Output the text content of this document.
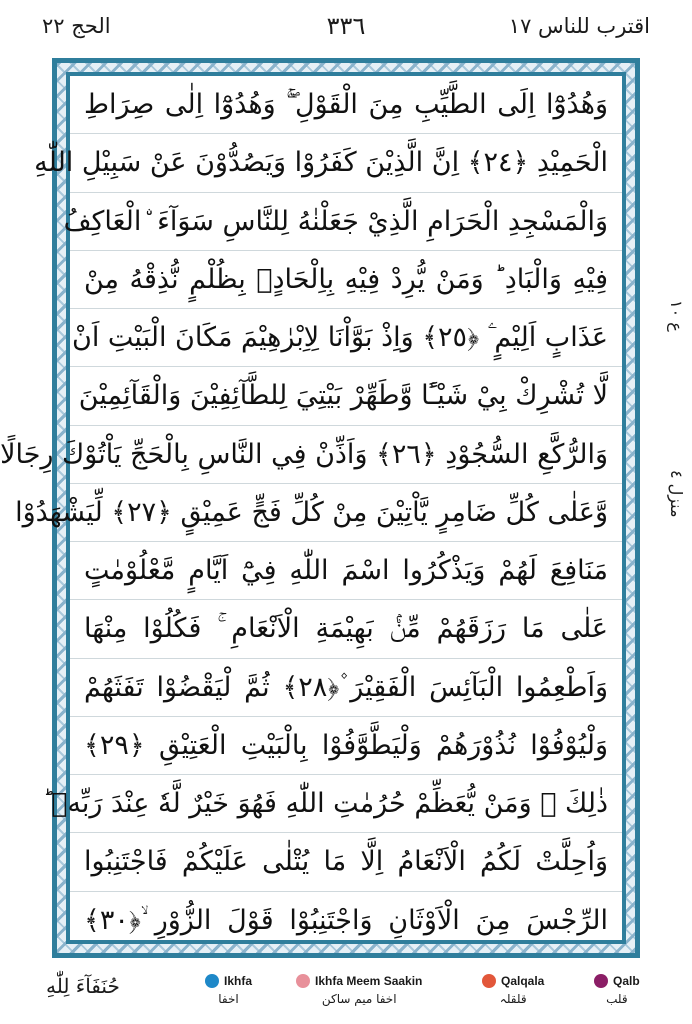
الحج ٢٢	٣٣٦	اقترب للناس ١٧
وَهُدُوْٓا اِلَى الطَّيِّبِ مِنَ الْقَوْلِ ۚۖ وَهُدُوْٓا اِلٰى صِرَاطِ
الْحَمِيْدِ ﴿٢٤﴾ اِنَّ الَّذِيْنَ كَفَرُوْا وَيَصُدُّوْنَ عَنْ سَبِيْلِ اللّٰهِ
وَالْمَسْجِدِ الْحَرَامِ الَّذِيْ جَعَلْنٰهُ لِلنَّاسِ سَوَآءَ ۨالْعَاكِفُ
فِيْهِ وَالْبَادِ ؕ وَمَنْ يُّرِدْ فِيْهِ بِاِلْحَادٍۢ بِظُلْمٍ نُّذِقْهُ مِنْ
عَذَابٍ اَلِيْمٍ ۧ ﴿٢٥﴾ وَاِذْ بَوَّاْنَا لِاِبْرٰهِيْمَ مَكَانَ الْبَيْتِ اَنْ
لَّا تُشْرِكْ بِيْ شَيْـًٔا وَّطَهِّرْ بَيْتِيَ لِلطَّآئِفِيْنَ وَالْقَآئِمِيْنَ
وَالرُّكَّعِ السُّجُوْدِ ﴿٢٦﴾ وَاَذِّنْ فِي النَّاسِ بِالْحَجِّ يَاْتُوْكَ رِجَالًا
وَّعَلٰى كُلِّ ضَامِرٍ يَّاْتِيْنَ مِنْ كُلِّ فَجٍّ عَمِيْقٍ ﴿٢٧﴾ لِّيَشْهَدُوْا
مَنَافِعَ لَهُمْ وَيَذْكُرُوا اسْمَ اللّٰهِ فِيْٓ اَيَّامٍ مَّعْلُوْمٰتٍ
عَلٰى مَا رَزَقَهُمْ مِّنْۢ بَهِيْمَةِ الْاَنْعَامِ ۚ فَكُلُوْا مِنْهَا
وَاَطْعِمُوا الْبَآئِسَ الْفَقِيْرَ ۫﴿٢٨﴾ ثُمَّ لْيَقْضُوْا تَفَثَهُمْ
وَلْيُوْفُوْا نُذُوْرَهُمْ وَلْيَطَّوَّفُوْا بِالْبَيْتِ الْعَتِيْقِ ﴿٢٩﴾
ذٰلِكَ ۗ وَمَنْ يُّعَظِّمْ حُرُمٰتِ اللّٰهِ فَهُوَ خَيْرٌ لَّهٗ عِنْدَ رَبِّهٖ ؕ
وَاُحِلَّتْ لَكُمُ الْاَنْعَامُ اِلَّا مَا يُتْلٰى عَلَيْكُمْ فَاجْتَنِبُوا
الرِّجْسَ مِنَ الْاَوْثَانِ وَاجْتَنِبُوْا قَوْلَ الزُّوْرِ ۙ﴿٣٠﴾
ع ١٠
منزل ٤
حُنَفَآءَ لِلّٰهِ	Ikhfa
اخفا
Ikhfa Meem Saakin
اخفا میم ساکن
Qalqala
قلقلہ
Qalb
قلب
